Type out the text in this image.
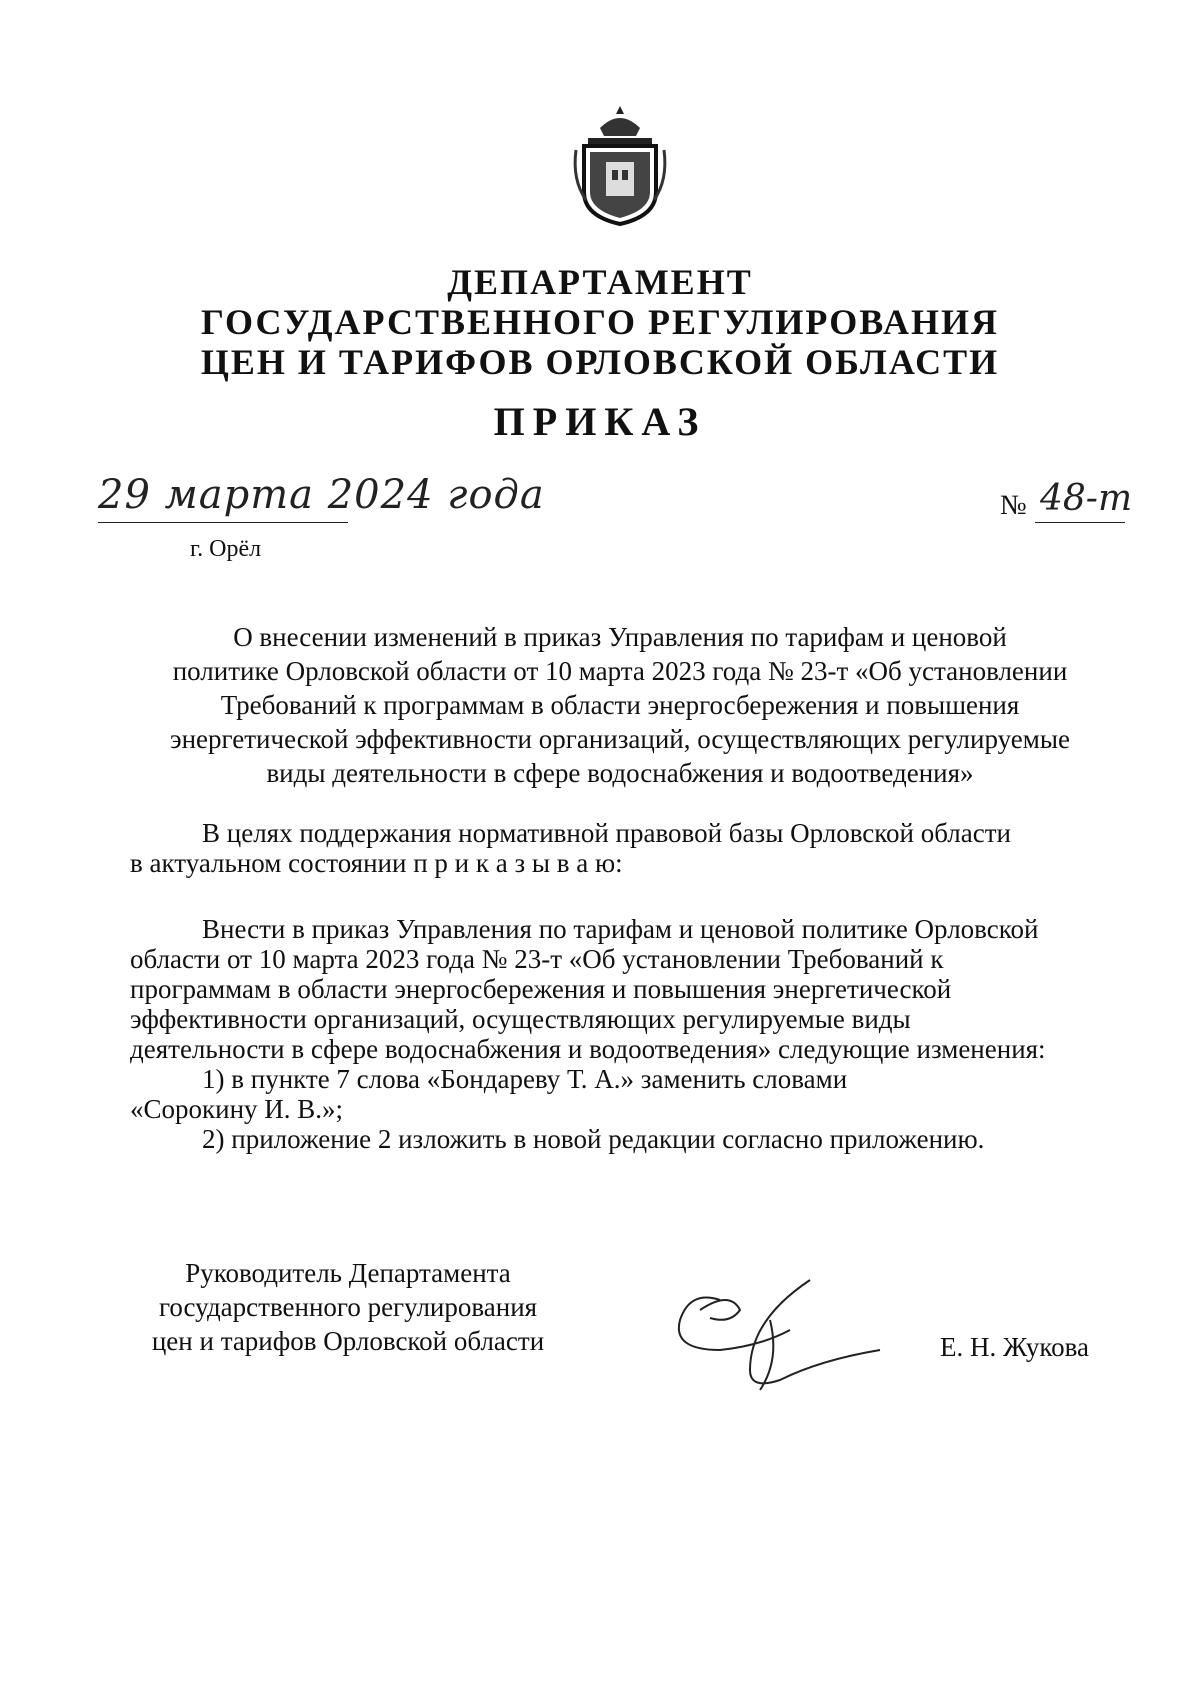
ДЕПАРТАМЕНТ
ГОСУДАРСТВЕННОГО РЕГУЛИРОВАНИЯ
ЦЕН И ТАРИФОВ ОРЛОВСКОЙ ОБЛАСТИ
ПРИКАЗ
29 марта 2024 года
г. Орёл
№ 48-т
О внесении изменений в приказ Управления по тарифам и ценовой
политике Орловской области от 10 марта 2023 года № 23-т «Об установлении
Требований к программам в области энергосбережения и повышения
энергетической эффективности организаций, осуществляющих регулируемые
виды деятельности в сфере водоснабжения и водоотведения»
В целях поддержания нормативной правовой базы Орловской области
в актуальном состоянии п р и к а з ы в а ю:
Внести в приказ Управления по тарифам и ценовой политике Орловской
области от 10 марта 2023 года № 23-т «Об установлении Требований к
программам в области энергосбережения и повышения энергетической
эффективности организаций, осуществляющих регулируемые виды
деятельности в сфере водоснабжения и водоотведения» следующие изменения:
1) в пункте 7 слова «Бондареву Т. А.» заменить словами
«Сорокину И. В.»;
2) приложение 2 изложить в новой редакции согласно приложению.
Руководитель Департамента
государственного регулирования
цен и тарифов Орловской области	Е. Н. Жукова
